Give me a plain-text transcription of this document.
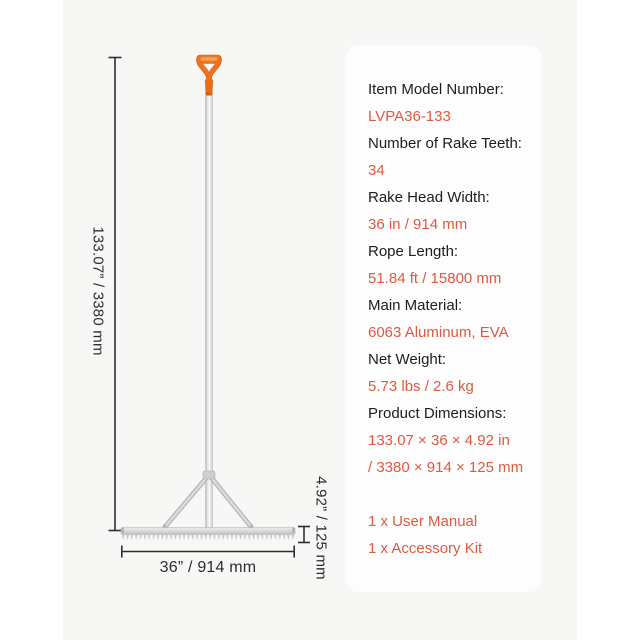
133.07” / 3380 mm
4.92” / 125 mm
36” / 914 mm
Item Model Number:
LVPA36-133
Number of Rake Teeth:
34
Rake Head Width:
36 in / 914 mm
Rope Length:
51.84 ft / 15800 mm
Main Material:
6063 Aluminum, EVA
Net Weight:
5.73 lbs / 2.6 kg
Product Dimensions:
133.07 × 36 × 4.92 in
/ 3380 × 914 × 125 mm
1 x User Manual
1 x Accessory Kit
